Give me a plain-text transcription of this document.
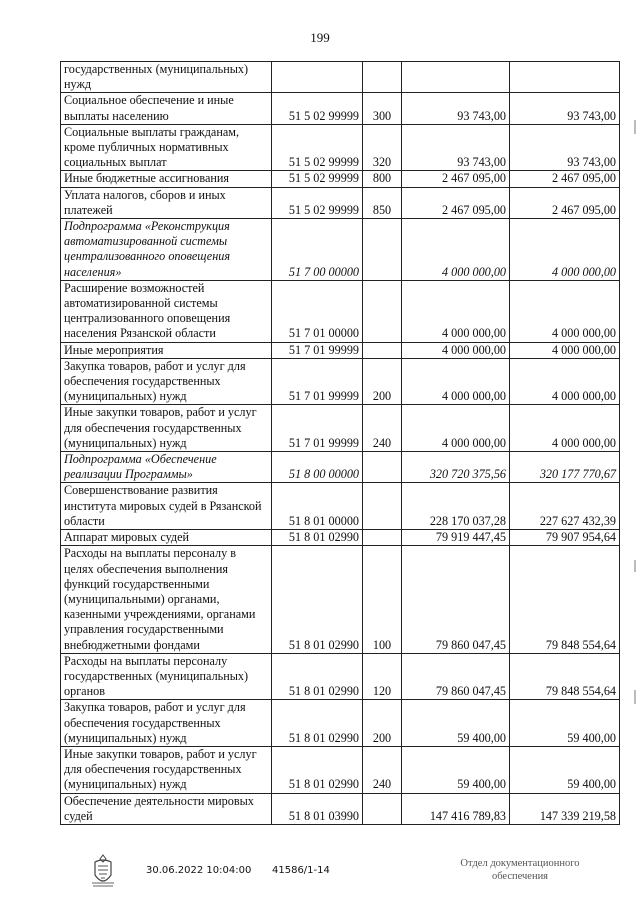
199
государственных (муниципальных) нужд				
Социальное обеспечение и иные выплаты населению	51 5 02 99999	300	93 743,00	93 743,00
Социальные выплаты гражданам, кроме публичных нормативных социальных выплат	51 5 02 99999	320	93 743,00	93 743,00
Иные бюджетные ассигнования	51 5 02 99999	800	2 467 095,00	2 467 095,00
Уплата налогов, сборов и иных платежей	51 5 02 99999	850	2 467 095,00	2 467 095,00
Подпрограмма «Реконструкция автоматизированной системы централизованного оповещения населения»	51 7 00 00000		4 000 000,00	4 000 000,00
Расширение возможностей автоматизированной системы централизованного оповещения населения Рязанской области	51 7 01 00000		4 000 000,00	4 000 000,00
Иные мероприятия	51 7 01 99999		4 000 000,00	4 000 000,00
Закупка товаров, работ и услуг для обеспечения государственных (муниципальных) нужд	51 7 01 99999	200	4 000 000,00	4 000 000,00
Иные закупки товаров, работ и услуг для обеспечения государственных (муниципальных) нужд	51 7 01 99999	240	4 000 000,00	4 000 000,00
Подпрограмма «Обеспечение реализации Программы»	51 8 00 00000		320 720 375,56	320 177 770,67
Совершенствование развития института мировых судей в Рязанской области	51 8 01 00000		228 170 037,28	227 627 432,39
Аппарат мировых судей	51 8 01 02990		79 919 447,45	79 907 954,64
Расходы на выплаты персоналу в целях обеспечения выполнения функций государственными (муниципальными) органами, казенными учреждениями, органами управления государственными внебюджетными фондами	51 8 01 02990	100	79 860 047,45	79 848 554,64
Расходы на выплаты персоналу государственных (муниципальных) органов	51 8 01 02990	120	79 860 047,45	79 848 554,64
Закупка товаров, работ и услуг для обеспечения государственных (муниципальных) нужд	51 8 01 02990	200	59 400,00	59 400,00
Иные закупки товаров, работ и услуг для обеспечения государственных (муниципальных) нужд	51 8 01 02990	240	59 400,00	59 400,00
Обеспечение деятельности мировых судей	51 8 01 03990		147 416 789,83	147 339 219,58
30.06.2022 10:04:00 41586/1-14
Отдел документационного
обеспечения
